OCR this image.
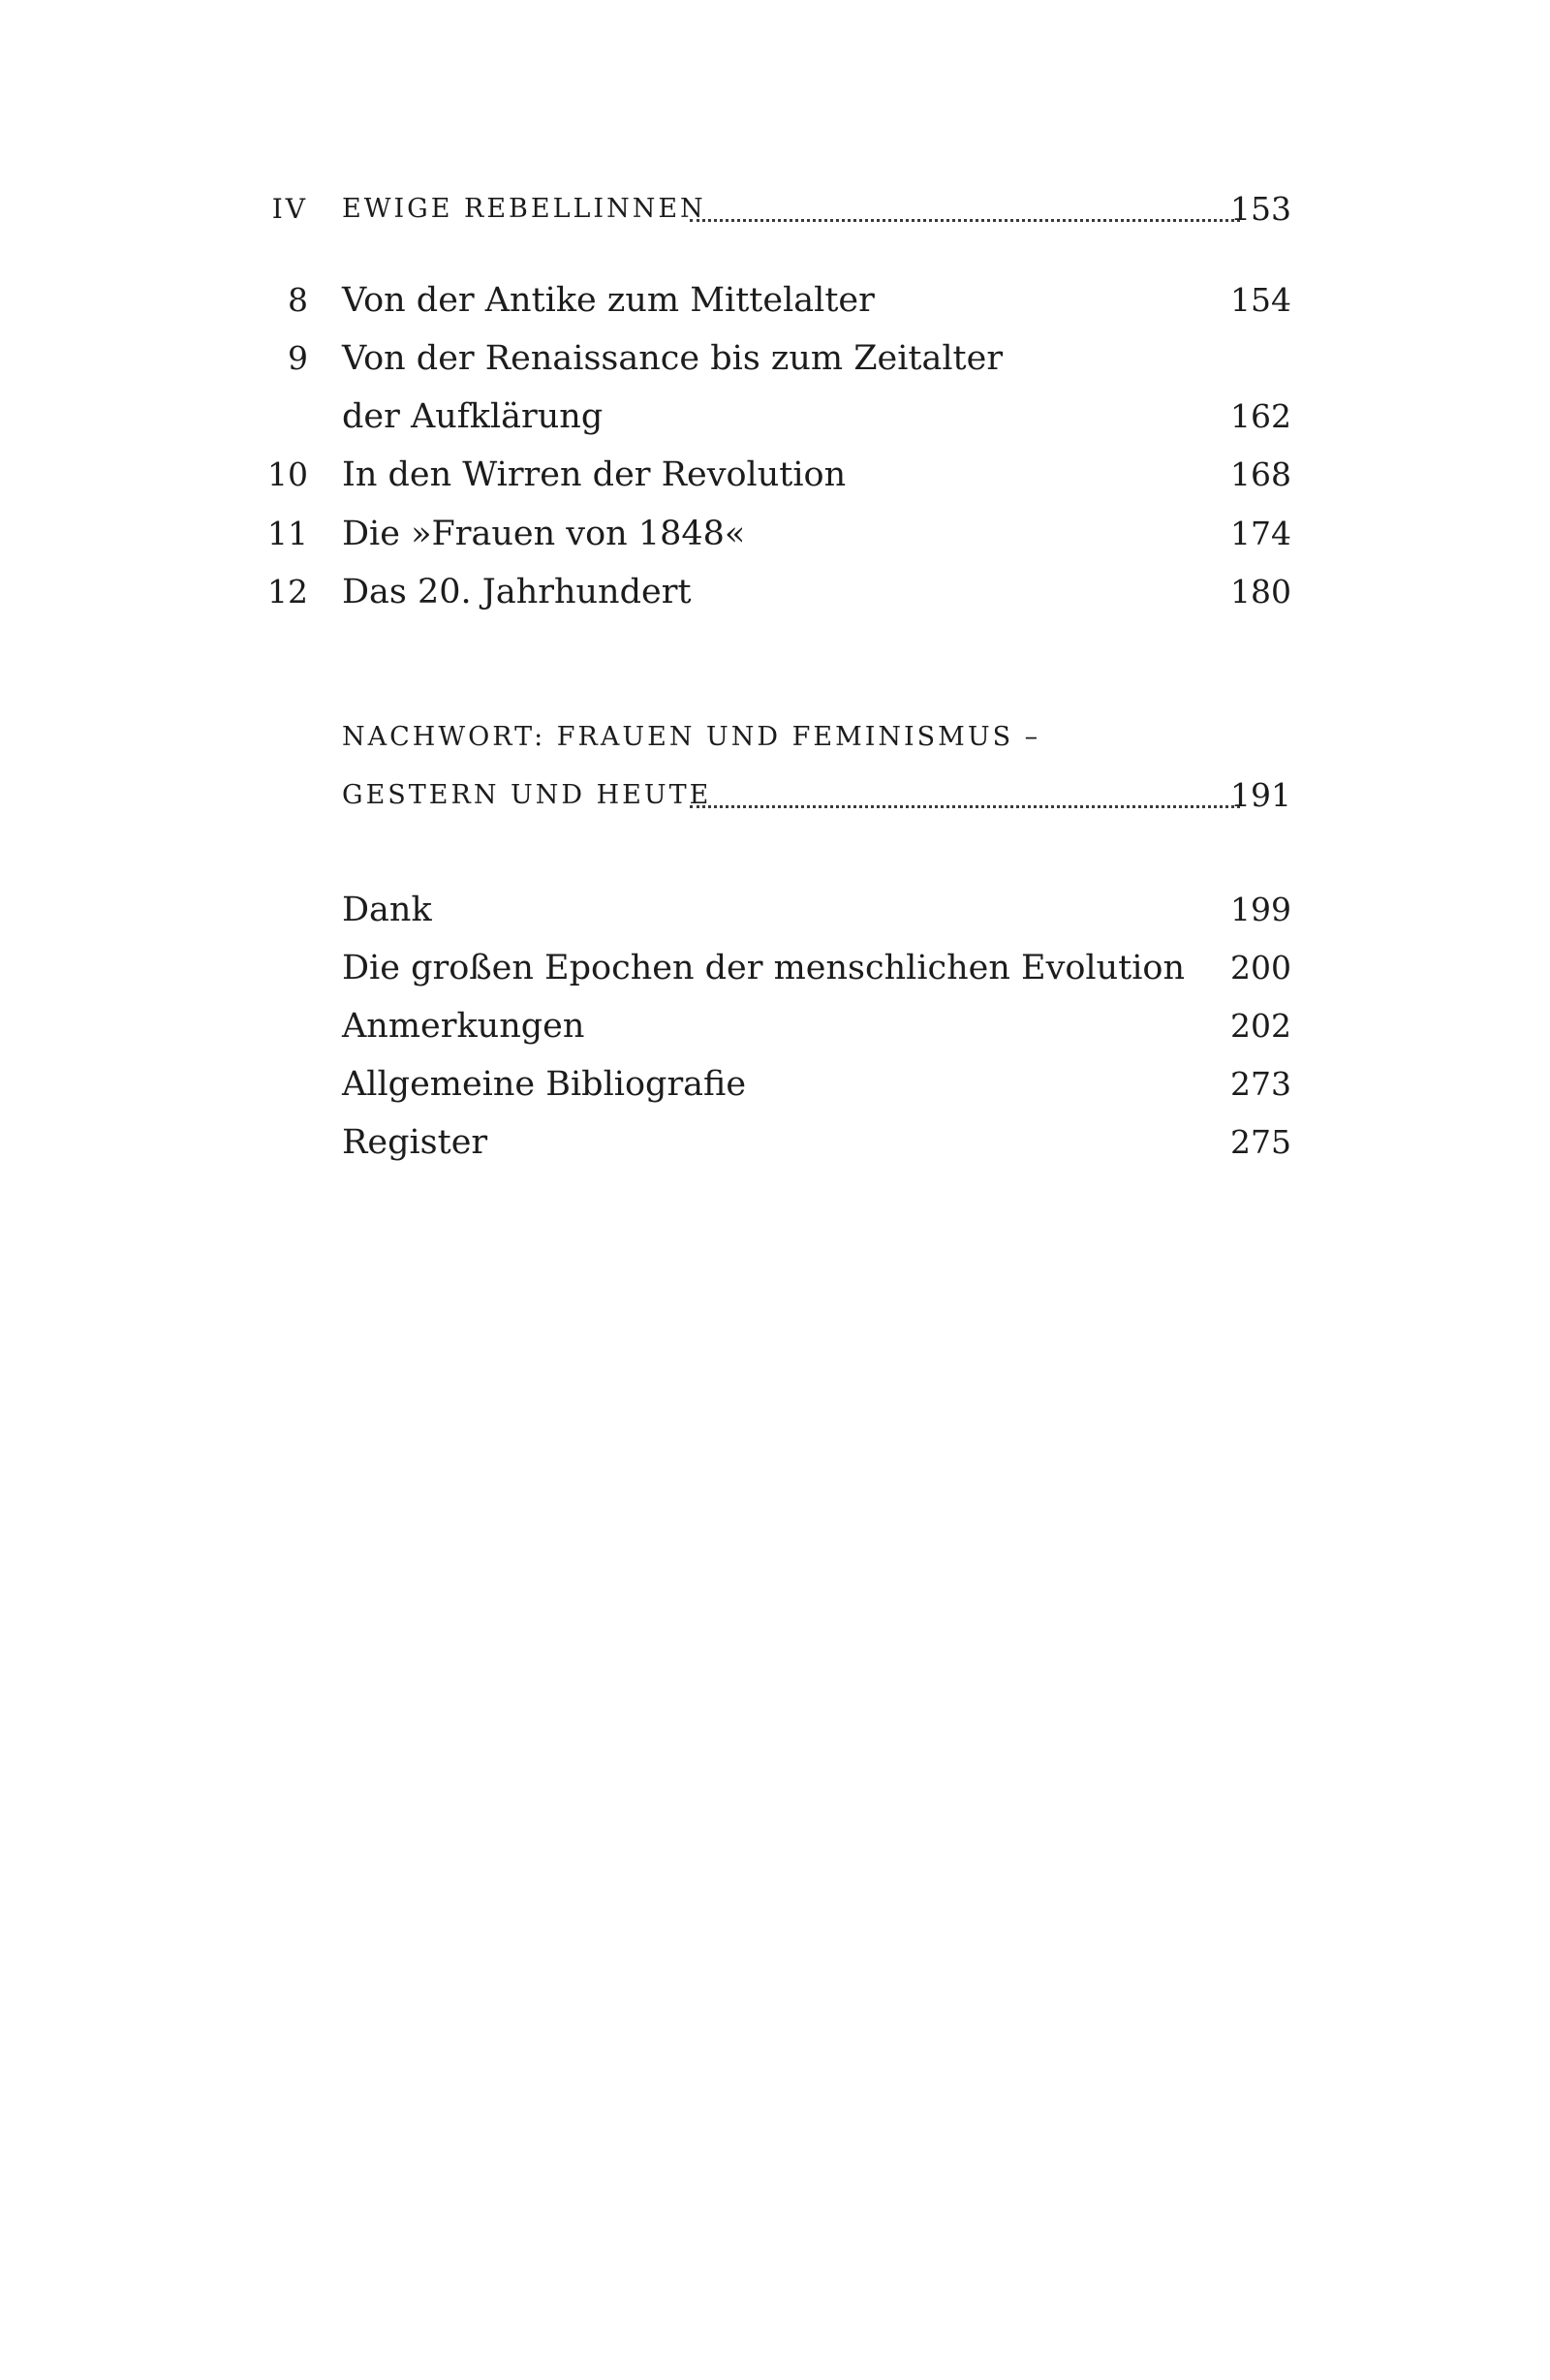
IV EWIGE REBELLINNEN	153
8 Von der Antike zum Mittelalter	154
9 Von der Renaissance bis zum Zeitalter
der Aufklärung	162
10 In den Wirren der Revolution	168
11 Die »Frauen von 1848«	174
12 Das 20. Jahrhundert	180
NACHWORT: FRAUEN UND FEMINISMUS –
GESTERN UND HEUTE	191
Dank	199
Die großen Epochen der menschlichen Evolution 200
Anmerkungen	202
Allgemeine Bibliografie	273
Register	275
